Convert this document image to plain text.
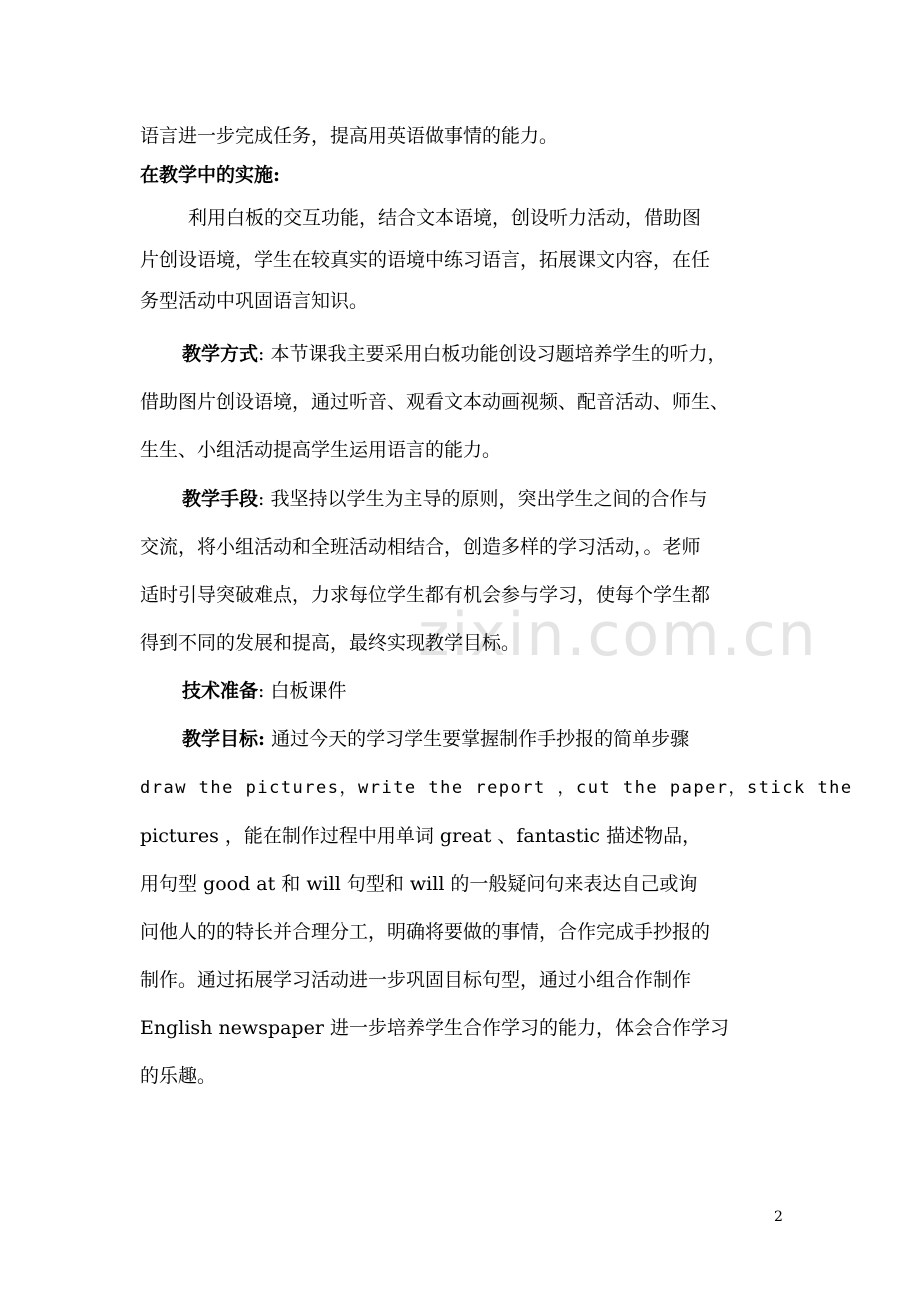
zixin.com.cn
语言进一步完成任务，提高用英语做事情的能力。
在教学中的实施:
利用白板的交互功能，结合文本语境，创设听力活动，借助图
片创设语境，学生在较真实的语境中练习语言，拓展课文内容，在任
务型活动中巩固语言知识。
教学方式: 本节课我主要采用白板功能创设习题培养学生的听力，
借助图片创设语境，通过听音、观看文本动画视频、配音活动、师生、
生生、小组活动提高学生运用语言的能力。
教学手段: 我坚持以学生为主导的原则，突出学生之间的合作与
交流，将小组活动和全班活动相结合，创造多样的学习活动，。老师
适时引导突破难点，力求每位学生都有机会参与学习，使每个学生都
得到不同的发展和提高，最终实现教学目标。
技术准备: 白板课件
教学目标: 通过今天的学习学生要掌握制作手抄报的简单步骤
draw the pictures，write the report ，cut the paper，stick the
pictures ，能在制作过程中用单词 great 、fantastic 描述物品，
用句型 good at 和 will 句型和 will 的一般疑问句来表达自己或询
问他人的的特长并合理分工，明确将要做的事情，合作完成手抄报的
制作。通过拓展学习活动进一步巩固目标句型，通过小组合作制作
English newspaper 进一步培养学生合作学习的能力，体会合作学习
的乐趣。
2
